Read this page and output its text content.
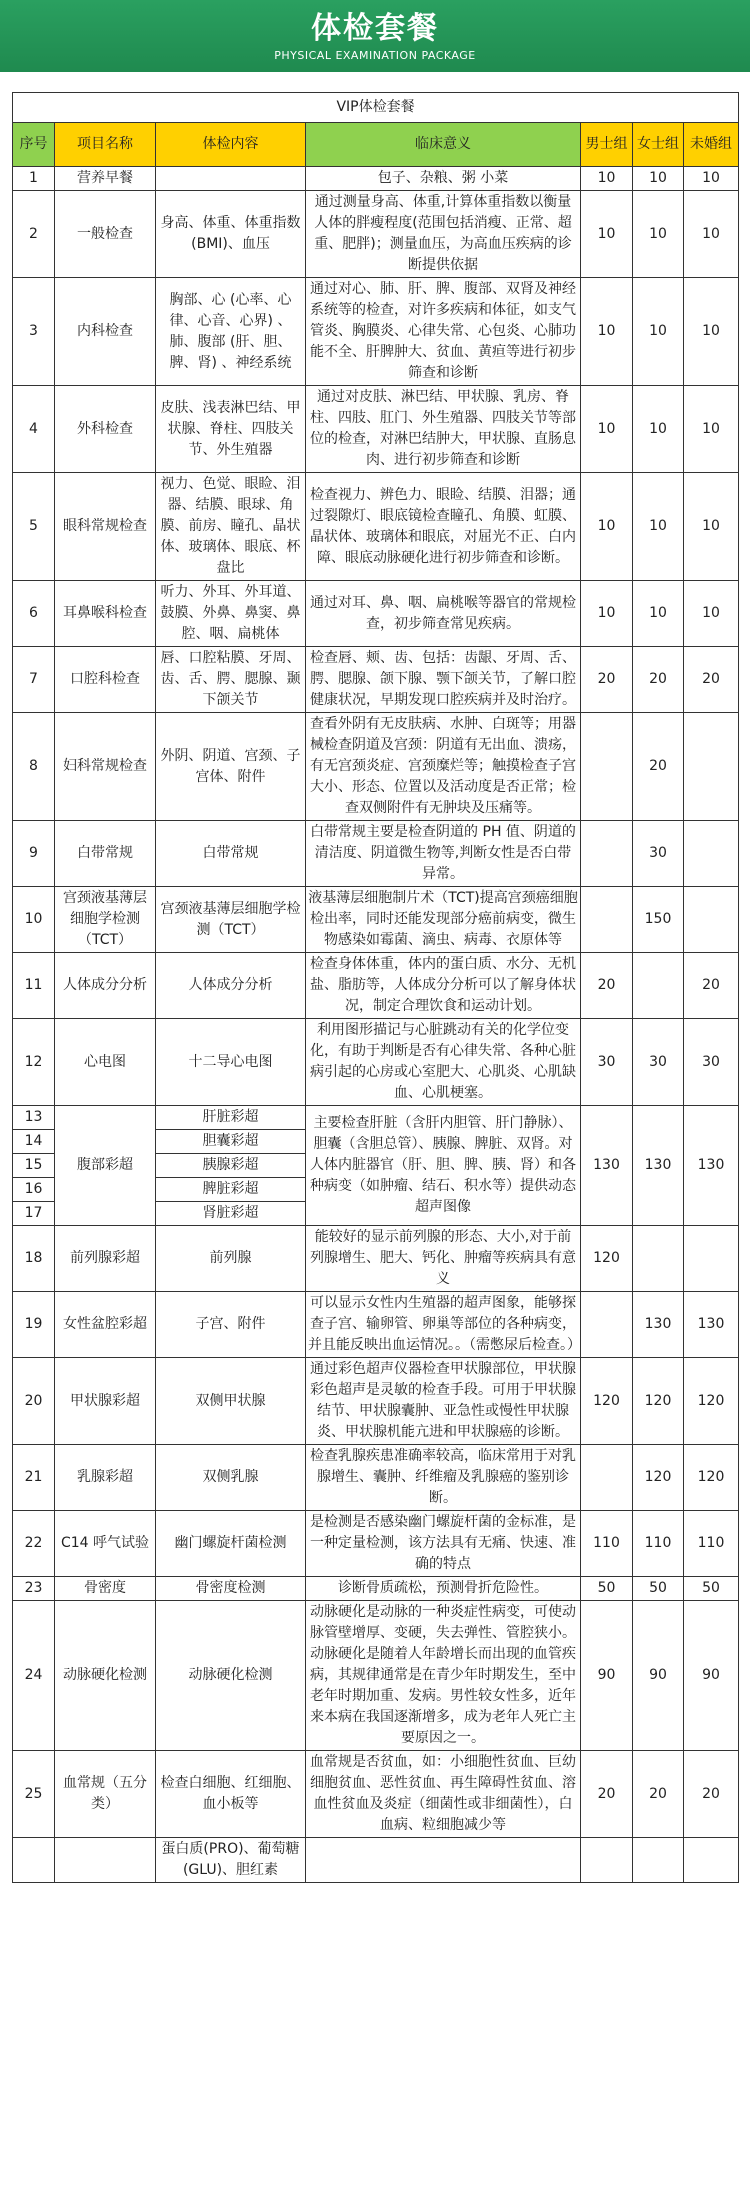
体检套餐
PHYSICAL EXAMINATION PACKAGE
VIP体检套餐						
序号	项目名称	体检内容	临床意义	男士组	女士组	未婚组
1	营养早餐		包子、杂粮、粥 小菜	10	10	10
2	一般检查	身高、体重、体重指数 (BMI)、血压	通过测量身高、体重,计算体重指数以衡量人体的胖瘦程度(范围包括消瘦、正常、超重、肥胖)；测量血压，为高血压疾病的诊断提供依据	10	10	10
3	内科检查	胸部、心 (心率、心律、心音、心界) 、肺、腹部 (肝、胆、脾、肾) 、神经系统	通过对心、肺、肝、脾、腹部、双肾及神经系统等的检查，对许多疾病和体征，如支气管炎、胸膜炎、心律失常、心包炎、心肺功能不全、肝脾肿大、贫血、黄疸等进行初步筛查和诊断	10	10	10
4	外科检查	皮肤、浅表淋巴结、甲 状腺、脊柱、四肢关节、外生殖器	通过对皮肤、淋巴结、甲状腺、乳房、脊柱、四肢、肛门、外生殖器、四肢关节等部位的检查，对淋巴结肿大，甲状腺、直肠息肉、进行初步筛查和诊断	10	10	10
5	眼科常规检查	视力、色觉、眼睑、泪器、结膜、眼球、角膜、前房、瞳孔、晶状体、玻璃体、眼底、杯盘比	检查视力、辨色力、眼睑、结膜、泪器；通过裂隙灯、眼底镜检查瞳孔、角膜、虹膜、晶状体、玻璃体和眼底，对屈光不正、白内障、眼底动脉硬化进行初步筛查和诊断。	10	10	10
6	耳鼻喉科检查	听力、外耳、外耳道、鼓膜、外鼻、鼻窦、鼻腔、咽、扁桃体	通过对耳、鼻、咽、扁桃喉等器官的常规检查，初步筛查常见疾病。	10	10	10
7	口腔科检查	唇、口腔粘膜、牙周、齿、舌、腭、腮腺、颞下颌关节	检查唇、颊、齿、包括：齿龈、牙周、舌、腭、腮腺、颌下腺、颚下颌关节，了解口腔健康状况，早期发现口腔疾病并及时治疗。	20	20	20
8	妇科常规检查	外阴、阴道、宫颈、子宫体、附件	查看外阴有无皮肤病、水肿、白斑等；用器械检查阴道及宫颈：阴道有无出血、溃疡，有无宫颈炎症、宫颈糜烂等；触摸检查子宫大小、形态、位置以及活动度是否正常；检查双侧附件有无肿块及压痛等。		20	
9	白带常规	白带常规	白带常规主要是检查阴道的 PH 值、阴道的清洁度、阴道微生物等,判断女性是否白带异常。		30	
10	宫颈液基薄层细胞学检测（TCT）	宫颈液基薄层细胞学检测（TCT）	液基薄层细胞制片术（TCT)提高宫颈癌细胞检出率，同时还能发现部分癌前病变，微生物感染如霉菌、滴虫、病毒、衣原体等		150	
11	人体成分分析	人体成分分析	检查身体体重，体内的蛋白质、水分、无机盐、脂肪等，人体成分分析可以了解身体状况，制定合理饮食和运动计划。	20		20
12	心电图	十二导心电图	利用图形描记与心脏跳动有关的化学位变化，有助于判断是否有心律失常、各种心脏病引起的心房或心室肥大、心肌炎、心肌缺血、心肌梗塞。	30	30	30
13	腹部彩超	肝脏彩超	主要检查肝脏（含肝内胆管、肝门静脉）、胆囊（含胆总管）、胰腺、脾脏、双肾。对人体内脏器官（肝、胆、脾、胰、肾）和各种病变（如肿瘤、结石、积水等）提供动态超声图像	130	130	130
14		胆囊彩超				
15		胰腺彩超				
16		脾脏彩超				
17		肾脏彩超				
18	前列腺彩超	前列腺	能较好的显示前列腺的形态、大小,对于前列腺增生、肥大、钙化、肿瘤等疾病具有意义	120		
19	女性盆腔彩超	子宫、附件	可以显示女性内生殖器的超声图象，能够探查子宫、输卵管、卵巢等部位的各种病变，并且能反映出血运情况。。（需憋尿后检查。）		130	130
20	甲状腺彩超	双侧甲状腺	通过彩色超声仪器检查甲状腺部位，甲状腺彩色超声是灵敏的检查手段。可用于甲状腺结节、甲状腺囊肿、亚急性或慢性甲状腺炎、甲状腺机能亢进和甲状腺癌的诊断。	120	120	120
21	乳腺彩超	双侧乳腺	检查乳腺疾患准确率较高，临床常用于对乳腺增生、囊肿、纤维瘤及乳腺癌的鉴别诊断。		120	120
22	C14 呼气试验	幽门螺旋杆菌检测	是检测是否感染幽门螺旋杆菌的金标准，是一种定量检测，该方法具有无痛、快速、准确的特点	110	110	110
23	骨密度	骨密度检测	诊断骨质疏松，预测骨折危险性。	50	50	50
24	动脉硬化检测	动脉硬化检测	动脉硬化是动脉的一种炎症性病变，可使动脉管壁增厚、变硬，失去弹性、管腔狭小。动脉硬化是随着人年龄增长而出现的血管疾病，其规律通常是在青少年时期发生，至中老年时期加重、发病。男性较女性多，近年来本病在我国逐渐增多，成为老年人死亡主要原因之一。	90	90	90
25	血常规（五分类）	检查白细胞、红细胞、血小板等	血常规是否贫血，如：小细胞性贫血、巨幼细胞贫血、恶性贫血、再生障碍性贫血、溶血性贫血及炎症（细菌性或非细菌性），白血病、粒细胞减少等	20	20	20
		蛋白质(PRO)、葡萄糖 (GLU)、胆红素				
